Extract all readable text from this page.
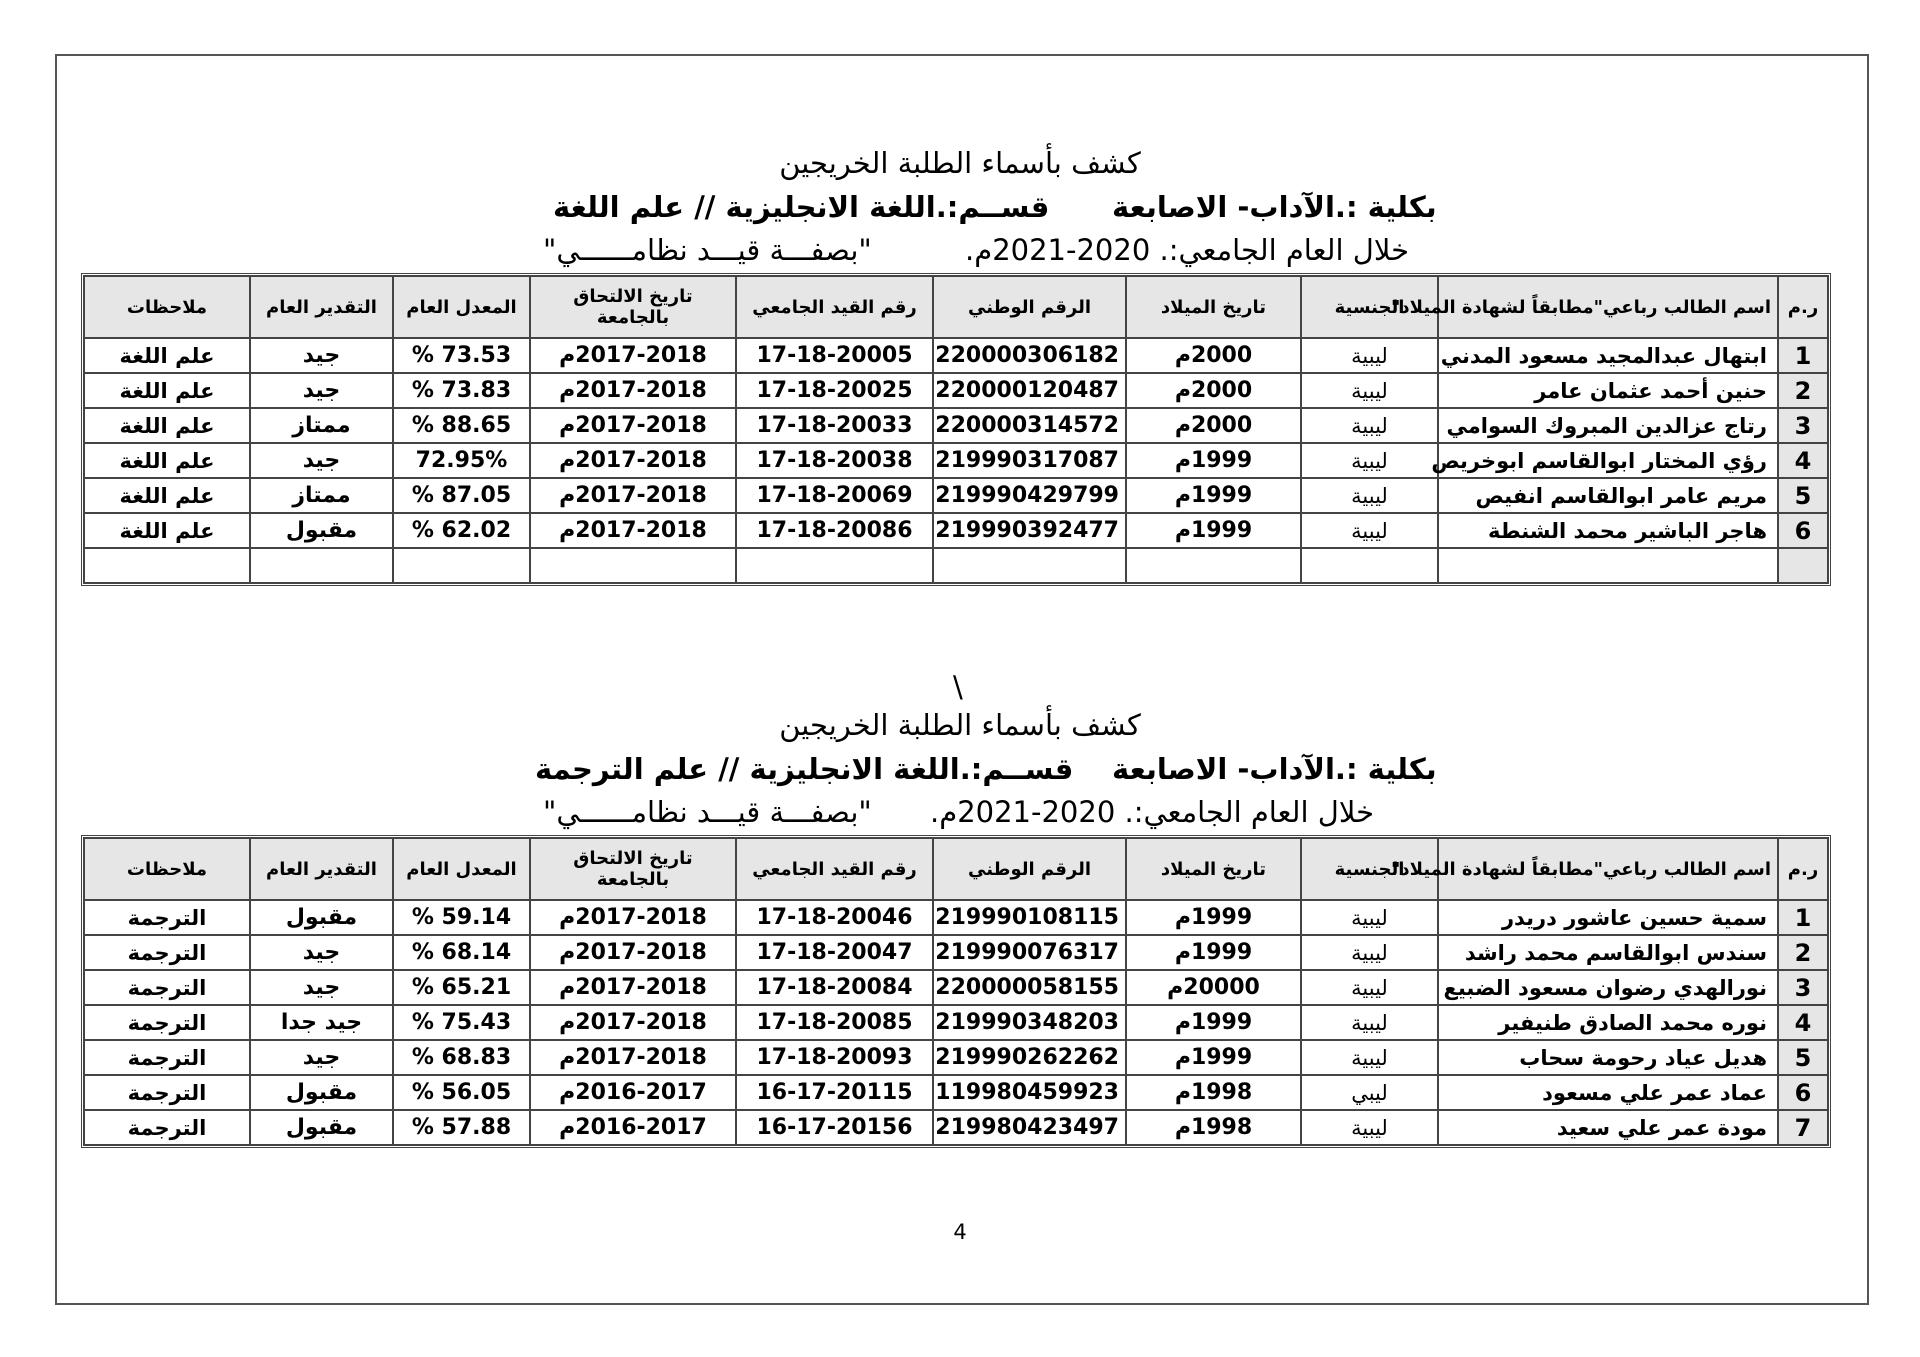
كشف بأسماء الطلبة الخريجين
بكلية :.الآداب- الاصابعة
قســم:.اللغة الانجليزية // علم اللغة
خلال العام الجامعي:. 2020-2021م.
"بصفـــة قيـــد نظامــــــي"
ر.م	اسم الطالب رباعي"مطابقاً لشهادة الميلاد"	الجنسية	تاريخ الميلاد	الرقم الوطني	رقم القيد الجامعي	تاريخ الالتحاق
بالجامعة	المعدل العام	التقدير العام	ملاحظات
1	ابتهال عبدالمجيد مسعود المدني	ليبية	2000م	220000306182	17-18-20005	2017-2018م	73.53 %	جيد	علم اللغة
2	حنين أحمد عثمان عامر	ليبية	2000م	220000120487	17-18-20025	2017-2018م	73.83 %	جيد	علم اللغة
3	رتاج عزالدين المبروك السوامي	ليبية	2000م	220000314572	17-18-20033	2017-2018م	88.65 %	ممتاز	علم اللغة
4	رؤي المختار ابوالقاسم ابوخريص	ليبية	1999م	219990317087	17-18-20038	2017-2018م	72.95%	جيد	علم اللغة
5	مريم عامر ابوالقاسم انفيص	ليبية	1999م	219990429799	17-18-20069	2017-2018م	87.05 %	ممتاز	علم اللغة
6	هاجر الباشير محمد الشنطة	ليبية	1999م	219990392477	17-18-20086	2017-2018م	62.02 %	مقبول	علم اللغة

\
كشف بأسماء الطلبة الخريجين
بكلية :.الآداب- الاصابعة
قســم:.اللغة الانجليزية // علم الترجمة
خلال العام الجامعي:. 2020-2021م.
"بصفـــة قيـــد نظامــــــي"
ر.م	اسم الطالب رباعي"مطابقاً لشهادة الميلاد"	الجنسية	تاريخ الميلاد	الرقم الوطني	رقم القيد الجامعي	تاريخ الالتحاق
بالجامعة	المعدل العام	التقدير العام	ملاحظات
1	سمية حسين عاشور دريدر	ليبية	1999م	219990108115	17-18-20046	2017-2018م	59.14 %	مقبول	الترجمة
2	سندس ابوالقاسم محمد راشد	ليبية	1999م	219990076317	17-18-20047	2017-2018م	68.14 %	جيد	الترجمة
3	نورالهدي رضوان مسعود الضبيع	ليبية	20000م	220000058155	17-18-20084	2017-2018م	65.21 %	جيد	الترجمة
4	نوره محمد الصادق طنيفير	ليبية	1999م	219990348203	17-18-20085	2017-2018م	75.43 %	جيد جدا	الترجمة
5	هديل عياد رحومة سحاب	ليبية	1999م	219990262262	17-18-20093	2017-2018م	68.83 %	جيد	الترجمة
6	عماد عمر علي مسعود	ليبي	1998م	119980459923	16-17-20115	2016-2017م	56.05 %	مقبول	الترجمة
7	مودة عمر علي سعيد	ليبية	1998م	219980423497	16-17-20156	2016-2017م	57.88 %	مقبول	الترجمة
4
